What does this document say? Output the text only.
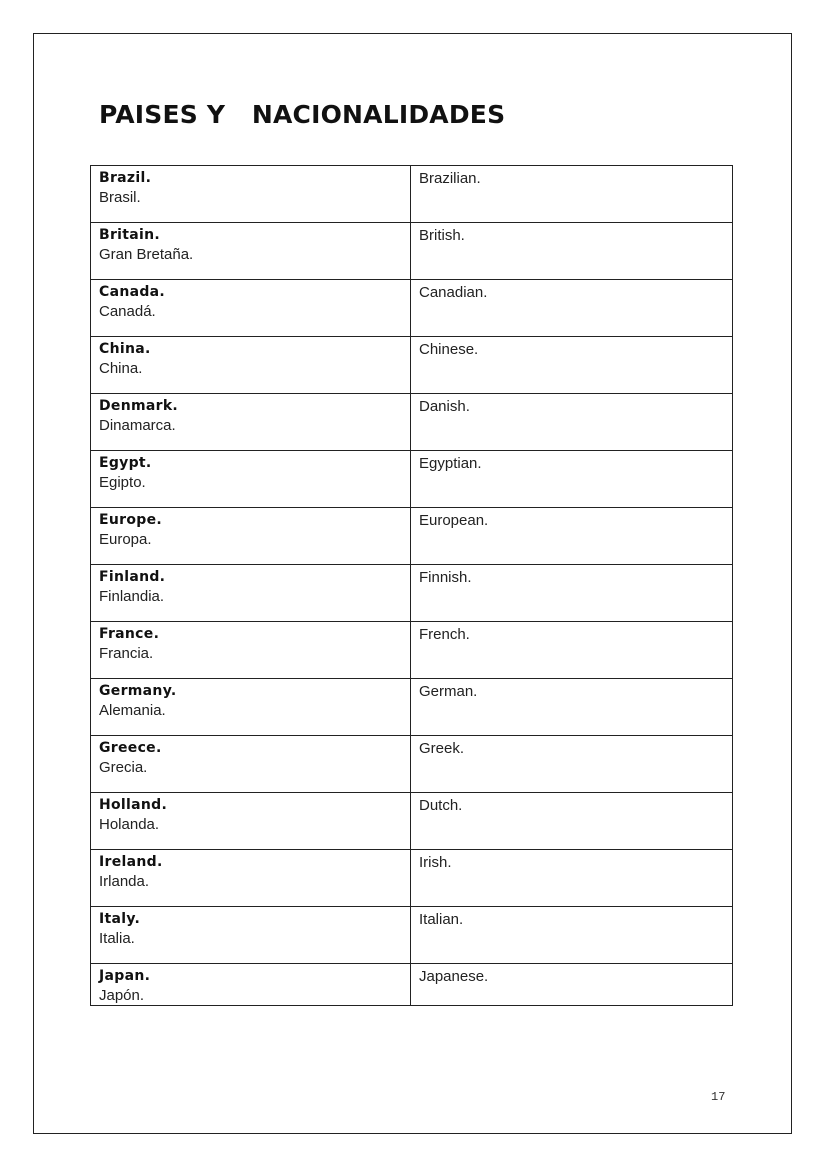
PAISES Y   NACIONALIDADES
Brazil.
Brasil.	Brazilian.

Britain.
Gran Bretaña.	British.

Canada.
Canadá.	Canadian.

China.
China.	Chinese.

Denmark.
Dinamarca.	Danish.

Egypt.
Egipto.	Egyptian.

Europe.
Europa.	European.

Finland.
Finlandia.	Finnish.

France.
Francia.	French.

Germany.
Alemania.	German.

Greece.
Grecia.	Greek.

Holland.
Holanda.	Dutch.

Ireland.
Irlanda.	Irish.

Italy.
Italia.	Italian.

Japan.
Japón.	Japanese.
17
